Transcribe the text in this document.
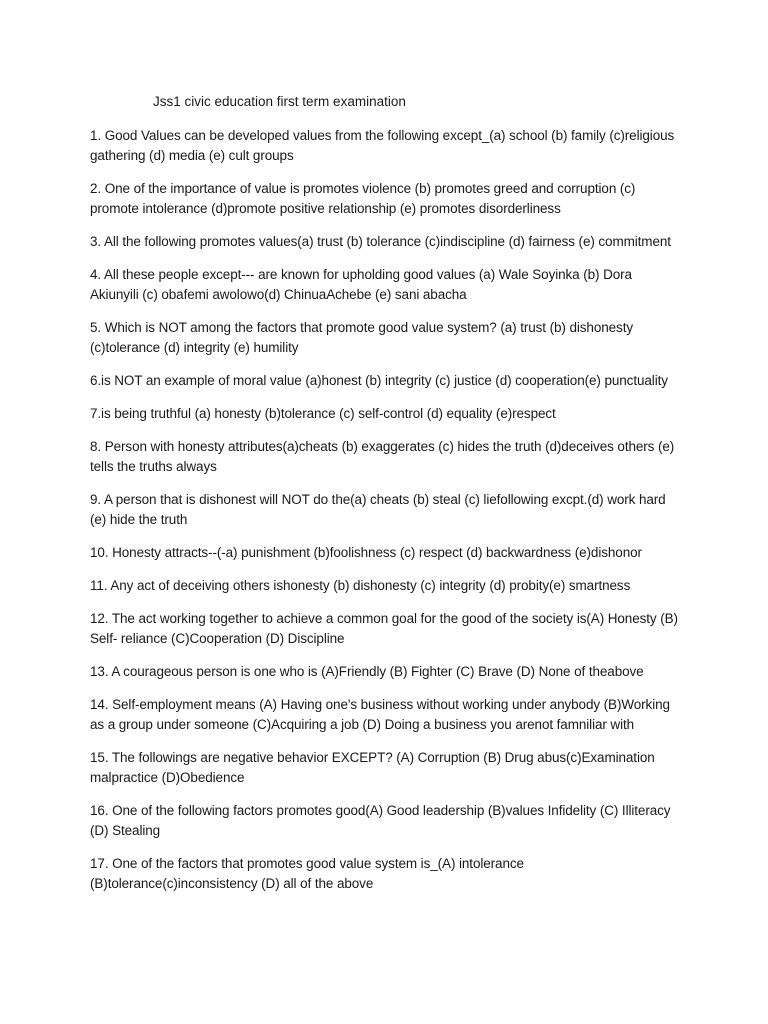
Jss1 civic education first term examination

1. Good Values can be developed values from the following except_(a) school (b) family (c)religious gathering (d) media (e) cult groups

2. One of the importance of value is promotes violence (b) promotes greed and corruption (c) promote intolerance (d)promote positive relationship (e) promotes disorderliness

3. All the following promotes values(a) trust (b) tolerance (c)indiscipline (d) fairness (e) commitment

4. All these people except--- are known for upholding good values (a) Wale Soyinka (b) Dora Akiunyili (c) obafemi awolowo(d) ChinuaAchebe (e) sani abacha

5. Which is NOT among the factors that promote good value system? (a) trust (b) dishonesty (c)tolerance (d) integrity (e) humility

6.is NOT an example of moral value (a)honest (b) integrity (c) justice (d) cooperation(e) punctuality

7.is being truthful (a) honesty (b)tolerance (c) self-control (d) equality (e)respect

8. Person with honesty attributes(a)cheats (b) exaggerates (c) hides the truth (d)deceives others (e) tells the truths always

9. A person that is dishonest will NOT do the(a) cheats (b) steal (c) liefollowing excpt.(d) work hard (e) hide the truth

10. Honesty attracts--(-a) punishment (b)foolishness (c) respect (d) backwardness (e)dishonor

11. Any act of deceiving others ishonesty (b) dishonesty (c) integrity (d) probity(e) smartness

12. The act working together to achieve a common goal for the good of the society is(A) Honesty (B) Self- reliance (C)Cooperation (D) Discipline

13. A courageous person is one who is (A)Friendly (B) Fighter (C) Brave (D) None of theabove

14. Self-employment means (A) Having one's business without working under anybody (B)Working as a group under someone (C)Acquiring a job (D) Doing a business you arenot famniliar with

15. The followings are negative behavior EXCEPT? (A) Corruption (B) Drug abus(c)Examination malpractice (D)Obedience

16. One of the following factors promotes good(A) Good leadership (B)values Infidelity (C) Illiteracy (D) Stealing

17. One of the factors that promotes good value system is_(A) intolerance (B)tolerance(c)inconsistency (D) all of the above
